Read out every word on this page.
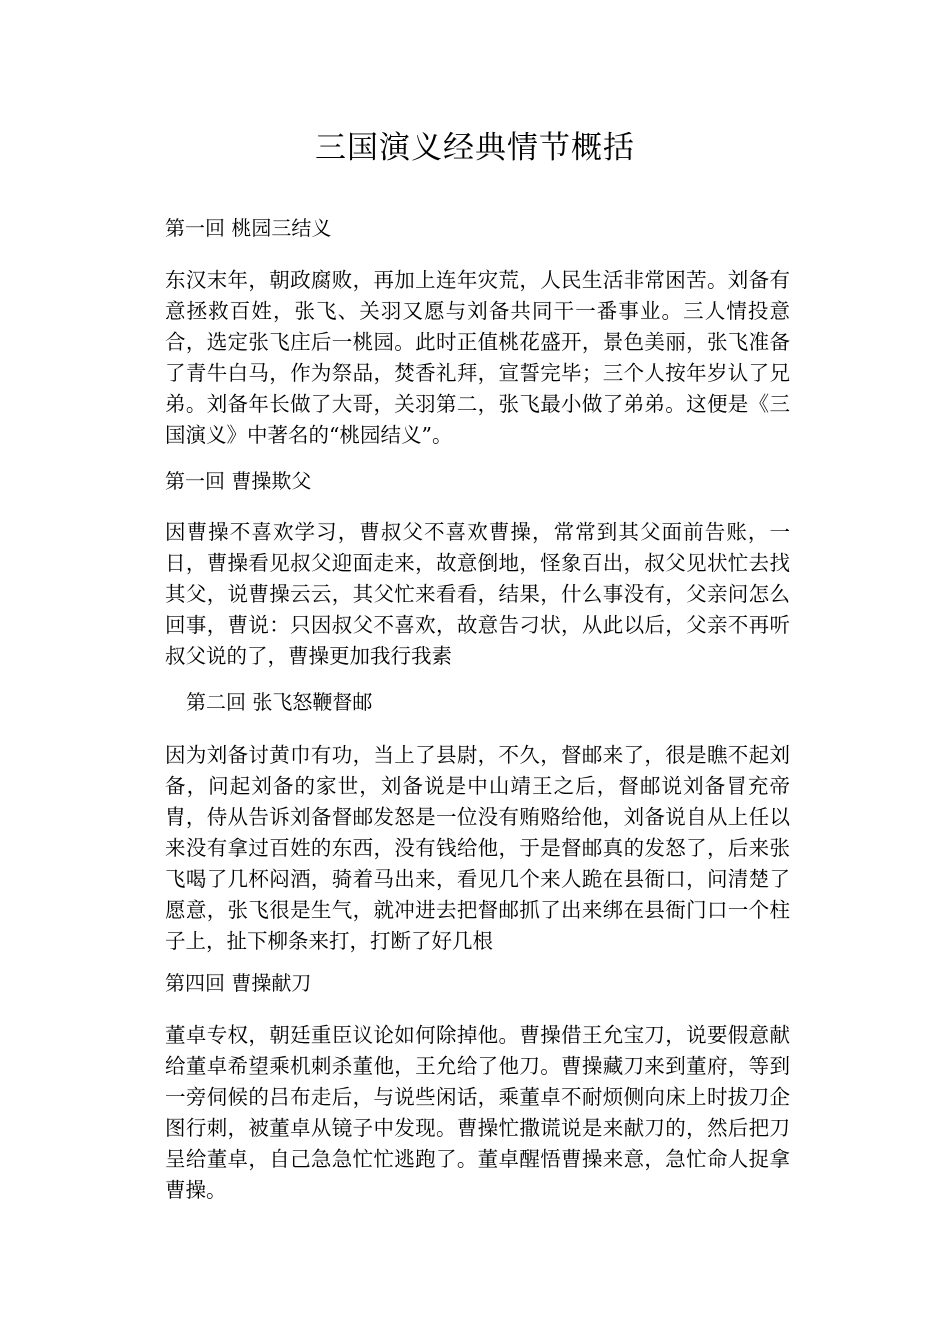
三国演义经典情节概括
第一回 桃园三结义

东汉末年，朝政腐败，再加上连年灾荒，人民生活非常困苦。刘备有意拯救百姓，张飞、关羽又愿与刘备共同干一番事业。三人情投意合，选定张飞庄后一桃园。此时正值桃花盛开，景色美丽，张飞准备了青牛白马，作为祭品，焚香礼拜，宣誓完毕；三个人按年岁认了兄弟。刘备年长做了大哥，关羽第二，张飞最小做了弟弟。这便是《三国演义》中著名的“桃园结义”。

第一回 曹操欺父

因曹操不喜欢学习，曹叔父不喜欢曹操，常常到其父面前告账，一日，曹操看见叔父迎面走来，故意倒地，怪象百出，叔父见状忙去找其父，说曹操云云，其父忙来看看，结果，什么事没有，父亲问怎么回事，曹说：只因叔父不喜欢，故意告刁状，从此以后，父亲不再听叔父说的了，曹操更加我行我素

第二回 张飞怒鞭督邮

因为刘备讨黄巾有功，当上了县尉，不久，督邮来了，很是瞧不起刘备，问起刘备的家世，刘备说是中山靖王之后，督邮说刘备冒充帝胄，侍从告诉刘备督邮发怒是一位没有贿赂给他，刘备说自从上任以来没有拿过百姓的东西，没有钱给他，于是督邮真的发怒了，后来张飞喝了几杯闷酒，骑着马出来，看见几个来人跪在县衙口，问清楚了愿意，张飞很是生气，就冲进去把督邮抓了出来绑在县衙门口一个柱子上，扯下柳条来打，打断了好几根

第四回 曹操献刀

董卓专权，朝廷重臣议论如何除掉他。曹操借王允宝刀，说要假意献给董卓希望乘机刺杀董他，王允给了他刀。曹操藏刀来到董府，等到一旁伺候的吕布走后，与说些闲话，乘董卓不耐烦侧向床上时拔刀企图行刺，被董卓从镜子中发现。曹操忙撒谎说是来献刀的，然后把刀呈给董卓，自己急急忙忙逃跑了。董卓醒悟曹操来意，急忙命人捉拿曹操。
